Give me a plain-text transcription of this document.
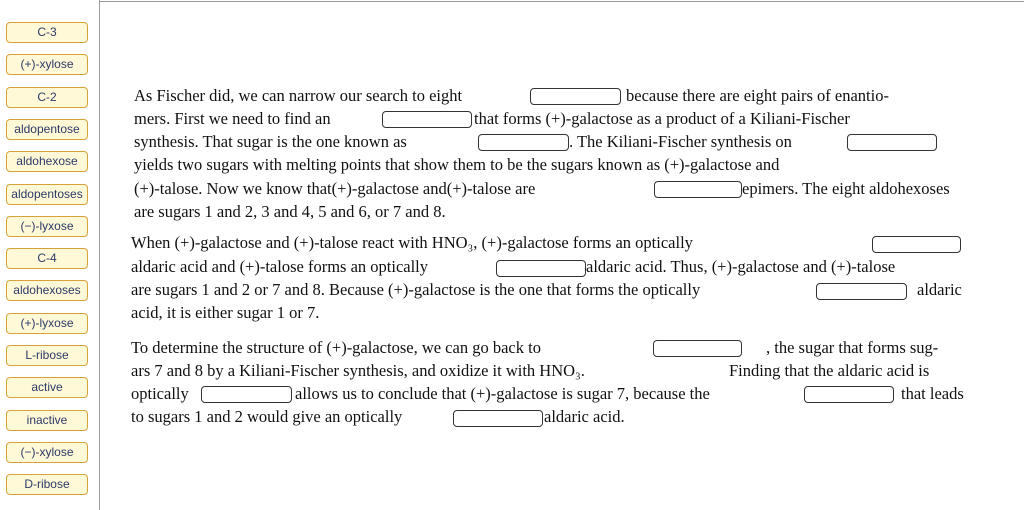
C-3
(+)-xylose
C-2
aldopentose
aldohexose
aldopentoses
(−)-lyxose
C-4
aldohexoses
(+)-lyxose
L-ribose
active
inactive
(−)-xylose
D-ribose
As Fischer did, we can narrow our search to eight	because there are eight pairs of enantio-
mers. First we need to find an	that forms (+)-galactose as a product of a Kiliani-Fischer
synthesis. That sugar is the one known as	. The Kiliani-Fischer synthesis on
yields two sugars with melting points that show them to be the sugars known as (+)-galactose and
(+)-talose. Now we know that(+)-galactose and(+)-talose are	epimers. The eight aldohexoses
are sugars 1 and 2, 3 and 4, 5 and 6, or 7 and 8.
When (+)-galactose and (+)-talose react with HNO₃, (+)-galactose forms an optically
aldaric acid and (+)-talose forms an optically	aldaric acid. Thus, (+)-galactose and (+)-talose
are sugars 1 and 2 or 7 and 8. Because (+)-galactose is the one that forms the optically	aldaric
acid, it is either sugar 1 or 7.
To determine the structure of (+)-galactose, we can go back to	, the sugar that forms sug-
ars 7 and 8 by a Kiliani-Fischer synthesis, and oxidize it with HNO₃.	Finding that the aldaric acid is
optically	allows us to conclude that (+)-galactose is sugar 7, because the	that leads
to sugars 1 and 2 would give an optically	aldaric acid.
